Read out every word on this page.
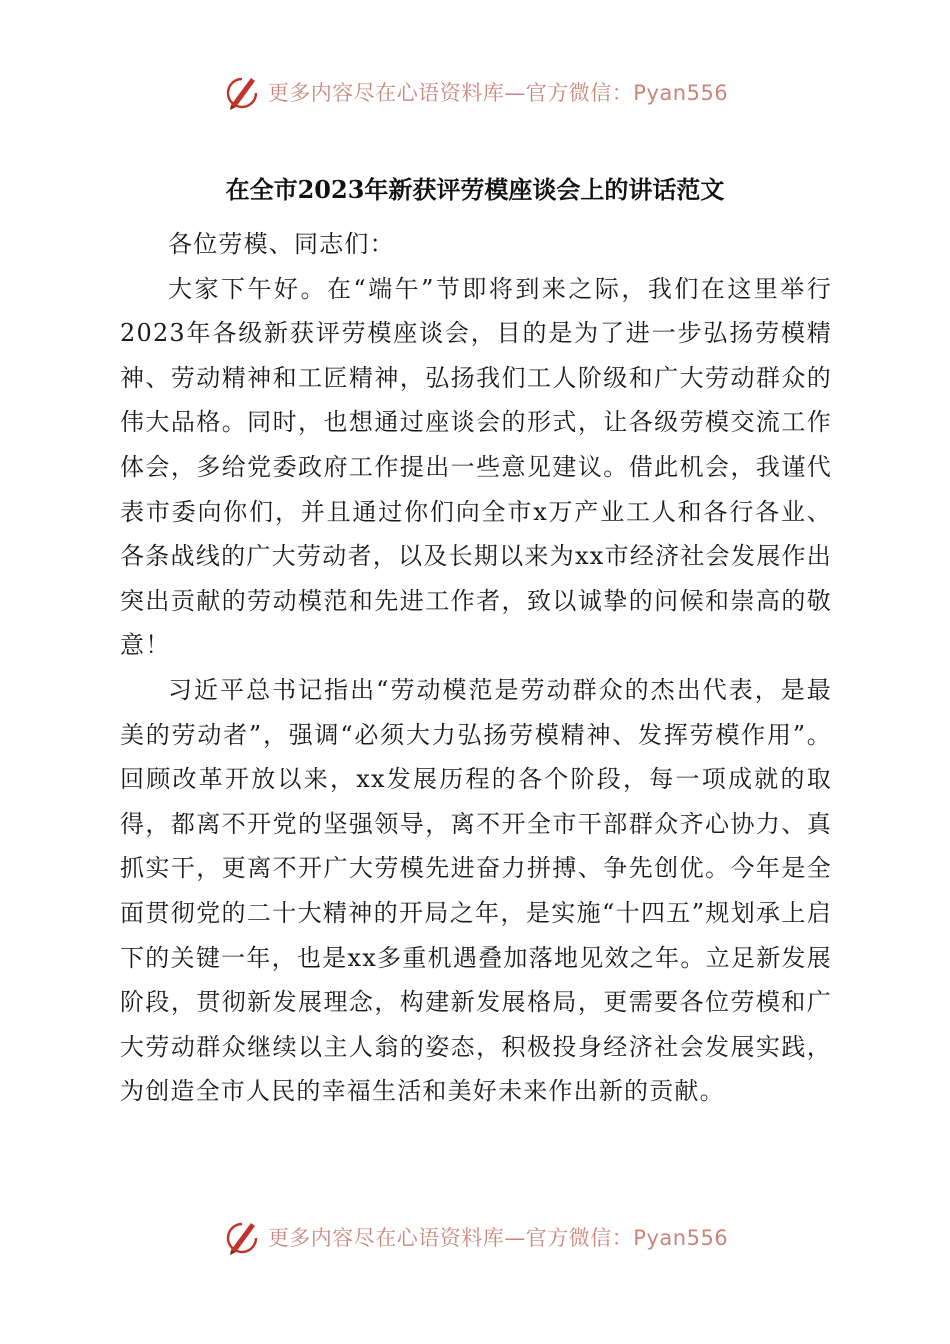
更多内容尽在心语资料库—官方微信：Pyan556
在全市2023年新获评劳模座谈会上的讲话范文

各位劳模、同志们：

大家下午好。在“端午”节即将到来之际，我们在这里举行2023年各级新获评劳模座谈会，目的是为了进一步弘扬劳模精神、劳动精神和工匠精神，弘扬我们工人阶级和广大劳动群众的伟大品格。同时，也想通过座谈会的形式，让各级劳模交流工作体会，多给党委政府工作提出一些意见建议。借此机会，我谨代表市委向你们，并且通过你们向全市x万产业工人和各行各业、各条战线的广大劳动者，以及长期以来为xx市经济社会发展作出突出贡献的劳动模范和先进工作者，致以诚挚的问候和崇高的敬意！

习近平总书记指出“劳动模范是劳动群众的杰出代表，是最美的劳动者”，强调“必须大力弘扬劳模精神、发挥劳模作用”。回顾改革开放以来，xx发展历程的各个阶段，每一项成就的取得，都离不开党的坚强领导，离不开全市干部群众齐心协力、真抓实干，更离不开广大劳模先进奋力拼搏、争先创优。今年是全面贯彻党的二十大精神的开局之年，是实施“十四五”规划承上启下的关键一年，也是xx多重机遇叠加落地见效之年。立足新发展阶段，贯彻新发展理念，构建新发展格局，更需要各位劳模和广大劳动群众继续以主人翁的姿态，积极投身经济社会发展实践，为创造全市人民的幸福生活和美好未来作出新的贡献。

更多内容尽在心语资料库—官方微信：Pyan556
